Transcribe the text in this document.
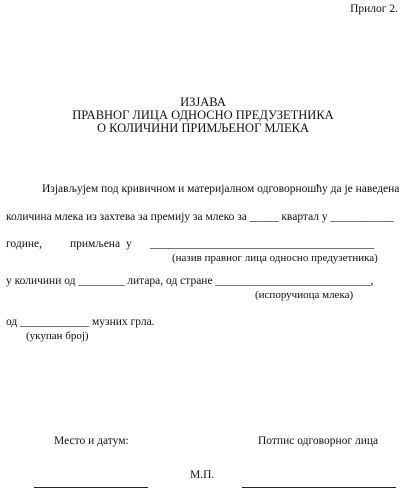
Прилог 2.
ИЗЈАВА
ПРАВНОГ ЛИЦА ОДНОСНО ПРЕДУЗЕТНИКА
О КОЛИЧИНИ ПРИМЉЕНОГ МЛЕКА
Изјављујем под кривичном и материјалном одговорношћу да је наведена
количина млека из захтева за премију за млеко за _____ квартал у ___________
године, примљена у _______________________________________
(назив правног лица односно предузетника)
у количини од ________ литара, од стране ___________________________,
(испоручиоца млека)
од ____________ музних грла.
(укупан број)
Место и датум:	Потпис одговорног лица
М.П.
